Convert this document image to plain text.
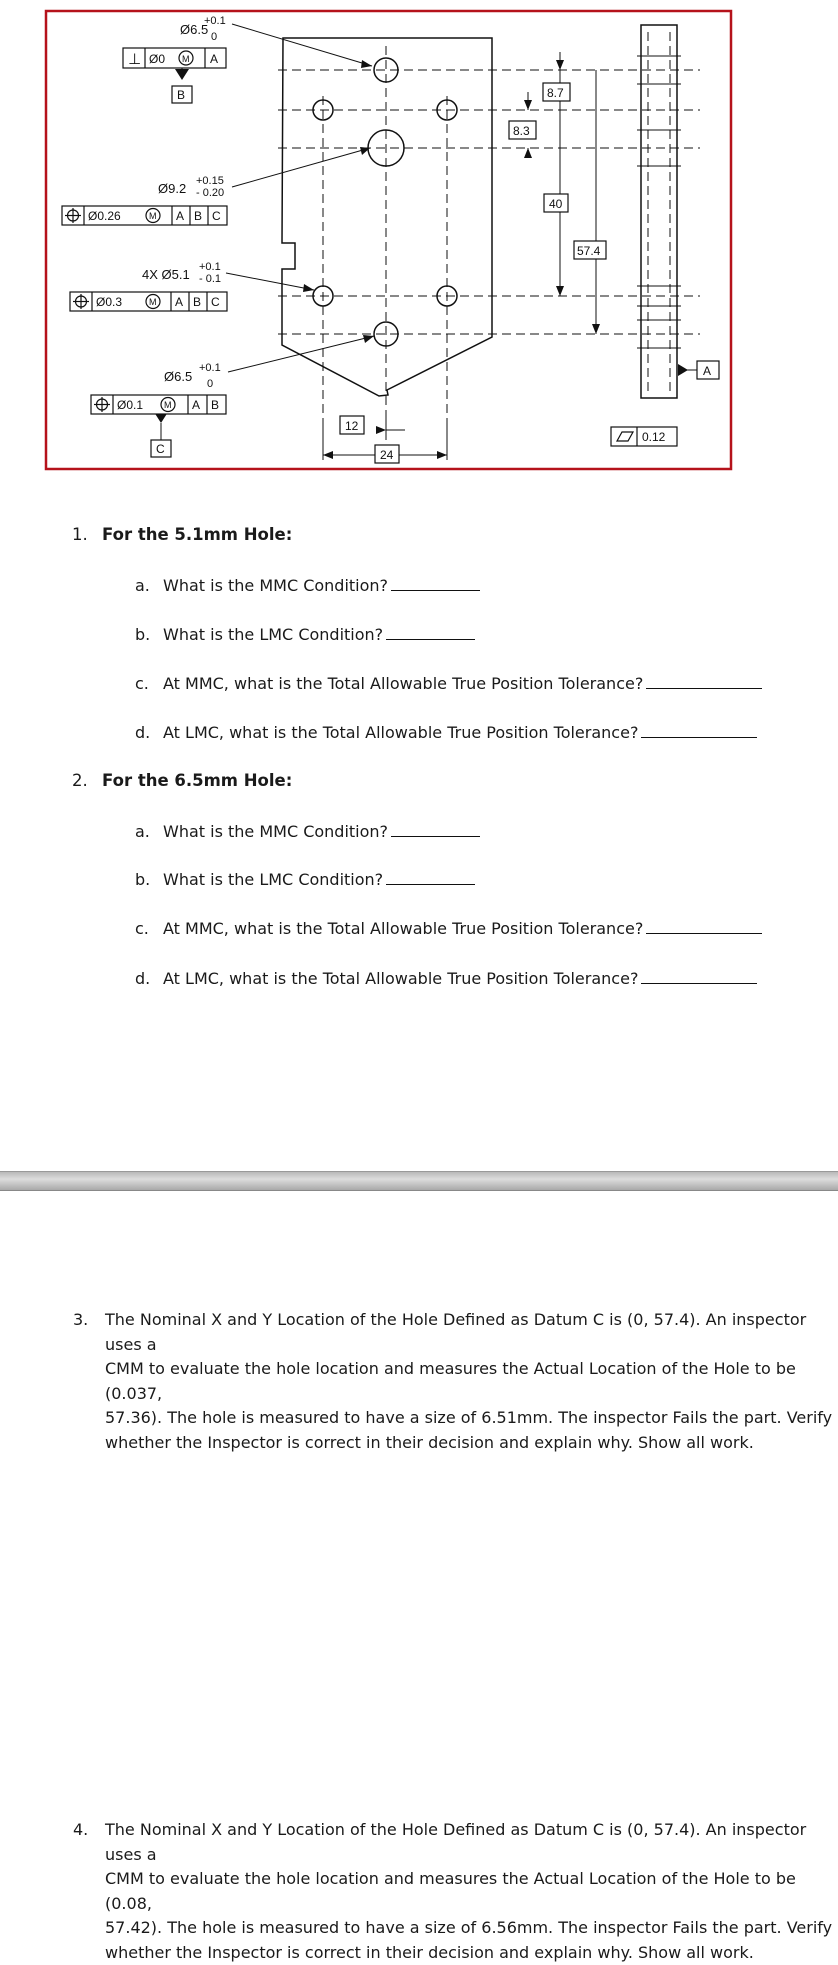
Ø6.5
+0.1
0
⊥ Ø0 M A
B
Ø9.2 +0.15
- 0.20
Ø0.26	M A B C
4X Ø5.1 +0.1
- 0.1
Ø0.3	M A B C
Ø6.5
+0.1
0
Ø0.1 M A B
C
8.7
8.3
40
57.4
12
24
A
0.12
1. For the 5.1mm Hole:
a. What is the MMC Condition?
b. What is the LMC Condition?
c. At MMC, what is the Total Allowable True Position Tolerance?
d. At LMC, what is the Total Allowable True Position Tolerance?
2. For the 6.5mm Hole:
a. What is the MMC Condition?
b. What is the LMC Condition?
c. At MMC, what is the Total Allowable True Position Tolerance?
d. At LMC, what is the Total Allowable True Position Tolerance?
3. The Nominal X and Y Location of the Hole Defined as Datum C is (0, 57.4). An inspector uses a
CMM to evaluate the hole location and measures the Actual Location of the Hole to be (0.037,
57.36). The hole is measured to have a size of 6.51mm. The inspector Fails the part. Verify
whether the Inspector is correct in their decision and explain why. Show all work.
4. The Nominal X and Y Location of the Hole Defined as Datum C is (0, 57.4). An inspector uses a
CMM to evaluate the hole location and measures the Actual Location of the Hole to be (0.08,
57.42). The hole is measured to have a size of 6.56mm. The inspector Fails the part. Verify
whether the Inspector is correct in their decision and explain why. Show all work.
